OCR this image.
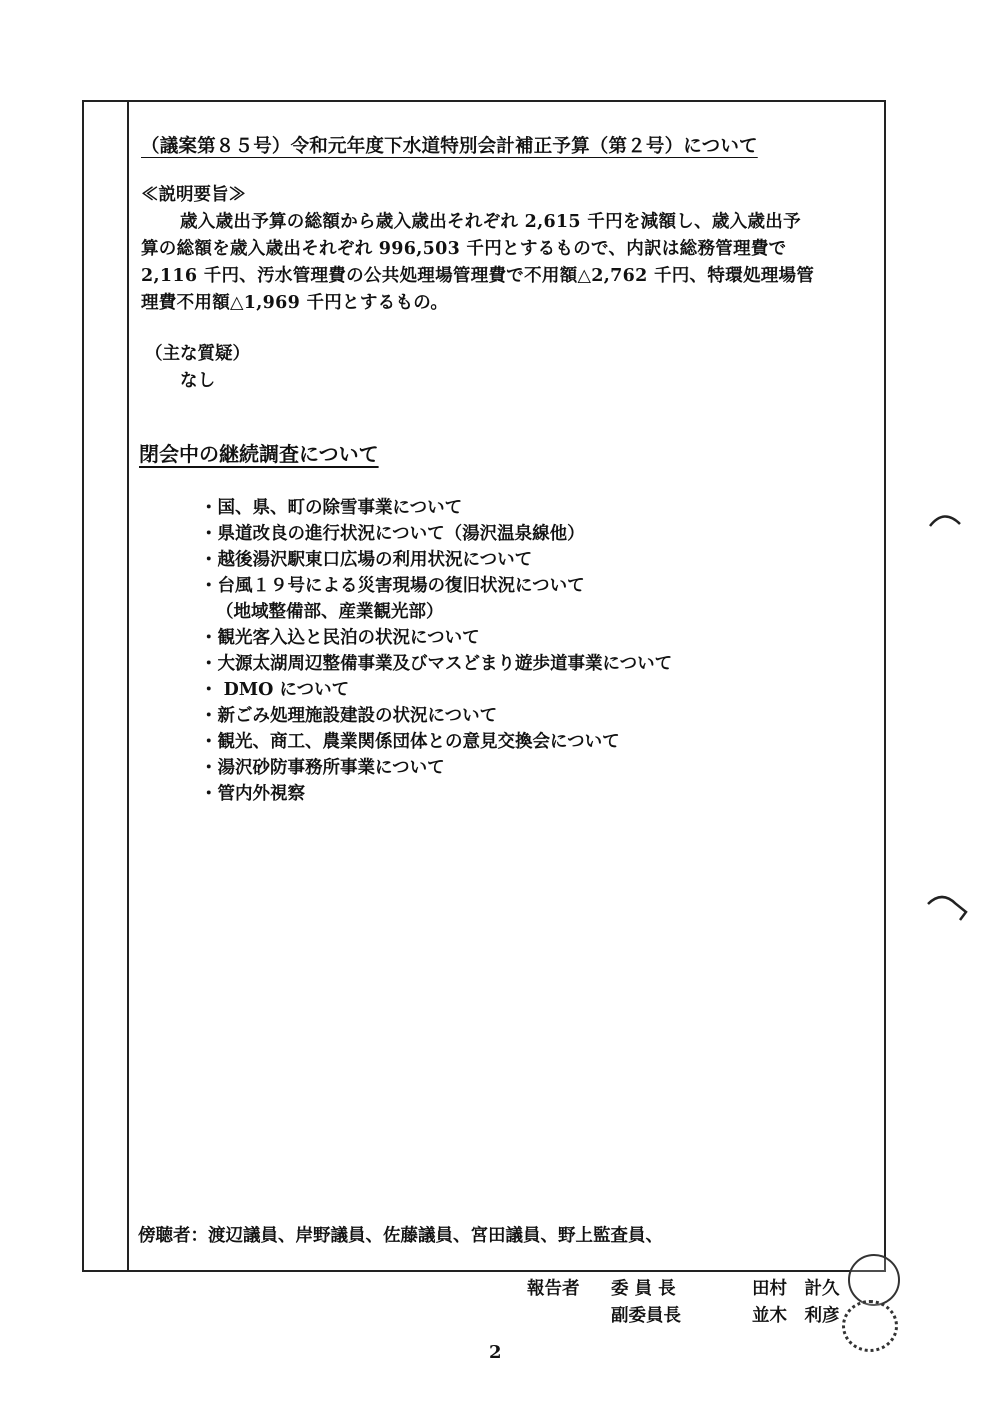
（議案第８５号）令和元年度下水道特別会計補正予算（第２号）について
≪説明要旨≫
歳入歳出予算の総額から歳入歳出それぞれ 2,615 千円を減額し、歳入歳出予
算の総額を歳入歳出それぞれ 996,503 千円とするもので、内訳は総務管理費で
2,116 千円、汚水管理費の公共処理場管理費で不用額△2,762 千円、特環処理場管
理費不用額△1,969 千円とするもの。
（主な質疑）
なし
閉会中の継続調査について
・国、県、町の除雪事業について
・県道改良の進行状況について（湯沢温泉線他）
・越後湯沢駅東口広場の利用状況について
・台風１９号による災害現場の復旧状況について
（地域整備部、産業観光部）
・観光客入込と民泊の状況について
・大源太湖周辺整備事業及びマスどまり遊歩道事業について
・ DMO について
・新ごみ処理施設建設の状況について
・観光、商工、農業関係団体との意見交換会について
・湯沢砂防事務所事業について
・管内外視察
傍聴者：渡辺議員、岸野議員、佐藤議員、宮田議員、野上監査員、
報告者 委 員 長	田村　計久
副委員長	並木　利彦
2
